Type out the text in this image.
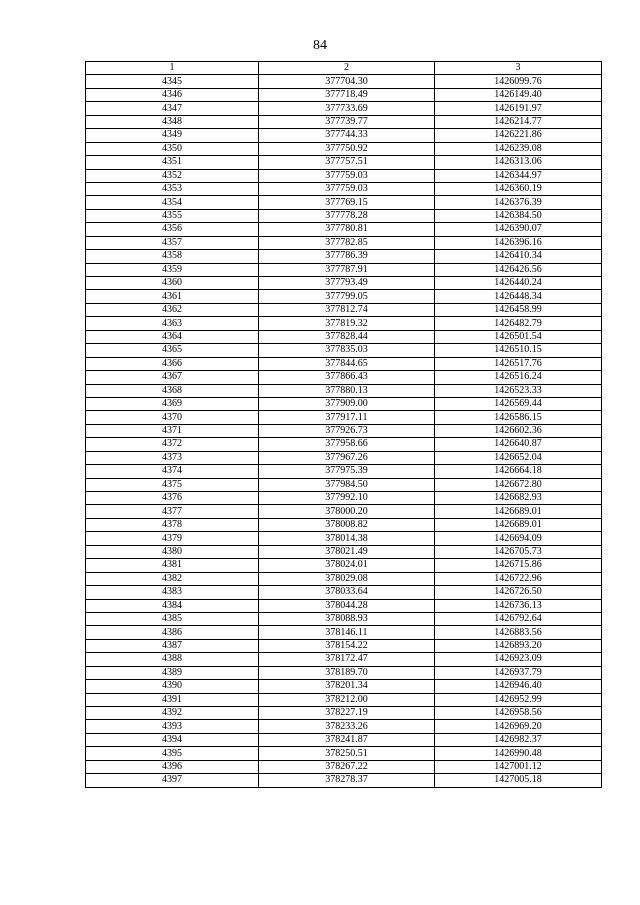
84
1	2	3
4345	377704.30	1426099.76
4346	377718.49	1426149.40
4347	377733.69	1426191.97
4348	377739.77	1426214.77
4349	377744.33	1426221.86
4350	377750.92	1426239.08
4351	377757.51	1426313.06
4352	377759.03	1426344.97
4353	377759.03	1426360.19
4354	377769.15	1426376.39
4355	377778.28	1426384.50
4356	377780.81	1426390.07
4357	377782.85	1426396.16
4358	377786.39	1426410.34
4359	377787.91	1426426.56
4360	377793.49	1426440.24
4361	377799.05	1426448.34
4362	377812.74	1426458.99
4363	377819.32	1426482.79
4364	377828.44	1426501.54
4365	377835.03	1426510.15
4366	377844.65	1426517.76
4367	377866.43	1426516.24
4368	377880.13	1426523.33
4369	377909.00	1426569.44
4370	377917.11	1426586.15
4371	377926.73	1426602.36
4372	377958.66	1426640.87
4373	377967.26	1426652.04
4374	377975.39	1426664.18
4375	377984.50	1426672.80
4376	377992.10	1426682.93
4377	378000.20	1426689.01
4378	378008.82	1426689.01
4379	378014.38	1426694.09
4380	378021.49	1426705.73
4381	378024.01	1426715.86
4382	378029.08	1426722.96
4383	378033.64	1426726.50
4384	378044.28	1426736.13
4385	378088.93	1426792.64
4386	378146.11	1426883.56
4387	378154.22	1426893.20
4388	378172.47	1426923.09
4389	378189.70	1426937.79
4390	378201.34	1426946.40
4391	378212.00	1426952.99
4392	378227.19	1426958.56
4393	378233.26	1426969.20
4394	378241.87	1426982.37
4395	378250.51	1426990.48
4396	378267.22	1427001.12
4397	378278.37	1427005.18
